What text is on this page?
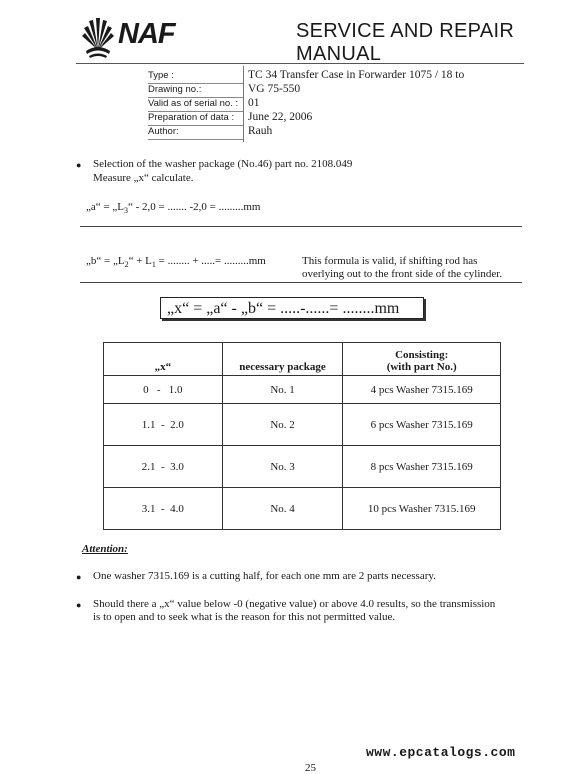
NAF	SERVICE AND REPAIR MANUAL
Type :	TC 34 Transfer Case in Forwarder 1075 / 18 to
Drawing no.:	VG 75-550
Valid as of serial no. : 01
Preparation of data : June 22, 2006
Author:	Rauh
● Selection of the washer package (No.46) part no. 2108.049
Measure „x“ calculate.
„a“ = $„L_3“ - 2,0$ = ....... -2,0 = .........mm
„b“ = $„L_2“ + L_1$ = ........ + .....= .........mm	This formula is valid, if shifting rod has
overlying out to the front side of the cylinder.
„x“ = „a“ - „b“ = .....-......= ........mm
„x“	necessary package	Consisting:
(with part No.)

0   -   1.0	No. 1	4 pcs Washer 7315.169
1.1  -  2.0	No. 2	6 pcs Washer 7315.169
2.1  -  3.0	No. 3	8 pcs Washer 7315.169
3.1  -  4.0	No. 4	10 pcs Washer 7315.169
Attention:
● One washer 7315.169 is a cutting half, for each one mm are 2 parts necessary.
● Should there a „x“ value below -0 (negative value) or above 4.0 results, so the transmission
is to open and to seek what is the reason for this not permitted value.
www.epcatalogs.com
25
